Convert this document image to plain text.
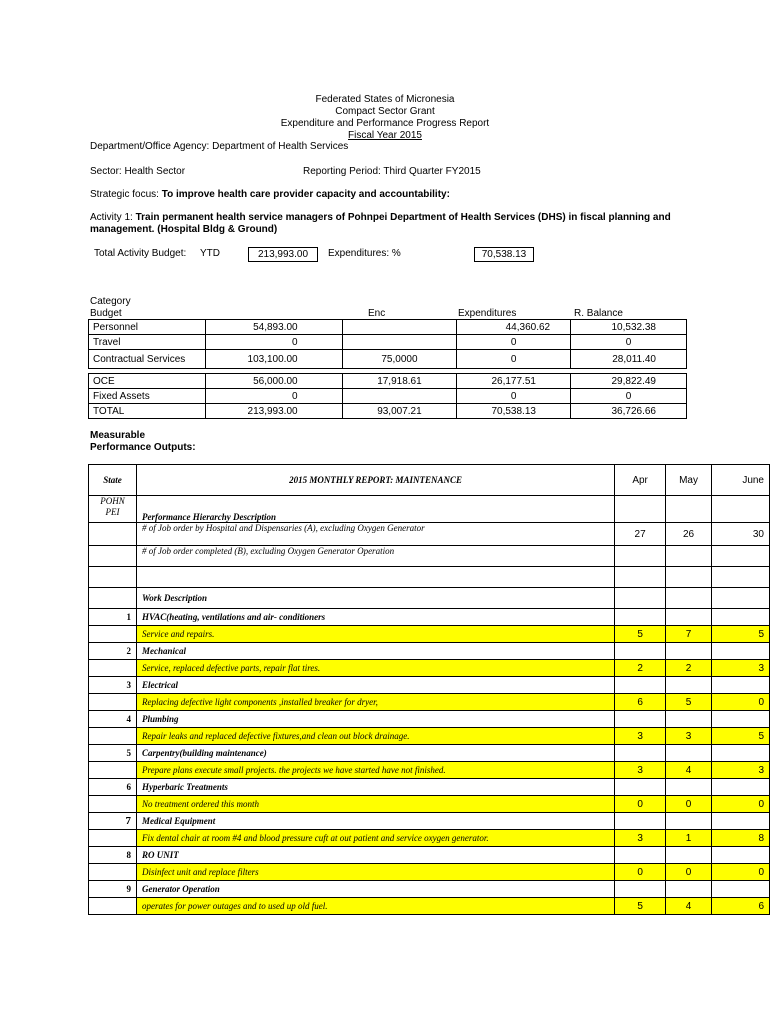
Federated States of Micronesia
Compact Sector Grant
Expenditure and Performance Progress Report
Fiscal Year 2015
Department/Office Agency: Department of Health Services
Sector: Health Sector	Reporting Period: Third Quarter FY2015
Strategic focus: To improve health care provider capacity and accountability:
Activity 1: Train permanent health service managers of Pohnpei Department of Health Services (DHS) in fiscal planning and
management. (Hospital Bldg & Ground)
Total Activity Budget: YTD	213,993.00	Expenditures: %	70,538.13
Category
Budget	Enc	Expenditures	R. Balance
Personnel	54,893.00		44,360.62	10,532.38
Travel	0		0	0
Contractual Services	103,100.00	75,0000	0	28,011.40

OCE	56,000.00	17,918.61	26,177.51	29,822.49
Fixed Assets	0		0	0
TOTAL	213,993.00	93,007.21	70,538.13	36,726.66
Measurable
Performance Outputs:
State	2015 MONTHLY REPORT: MAINTENANCE	Apr	May	June
POHN
PEI	Performance Hierarchy Description			
	# of Job order by Hospital and Dispensaries (A), excluding Oxygen Generator	27	26	30
	# of Job order completed (B), excluding Oxygen Generator Operation			

	Work Description			
1	HVAC(heating, ventilations and air- conditioners			
	Service and repairs.	5	7	5
2	Mechanical			
	Service, replaced defective parts, repair flat tires.	2	2	3
3	Electrical			
	Replacing defective light components ,installed breaker for dryer,	6	5	0
4	Plumbing			
	Repair leaks and replaced defective fixtures,and clean out block drainage.	3	3	5
5	Carpentry(building maintenance)			
	Prepare plans execute small projects. the projects we have started have not finished.	3	4	3
6	Hyperbaric Treatments			
	No treatment ordered this month	0	0	0
7	Medical Equipment			
	Fix dental chair at room #4 and blood pressure cuft at out patient and service oxygen generator.	3	1	8
8	RO UNIT			
	Disinfect unit and replace filters	0	0	0
9	Generator Operation			
	operates for power outages and to used up old fuel.	5	4	6
